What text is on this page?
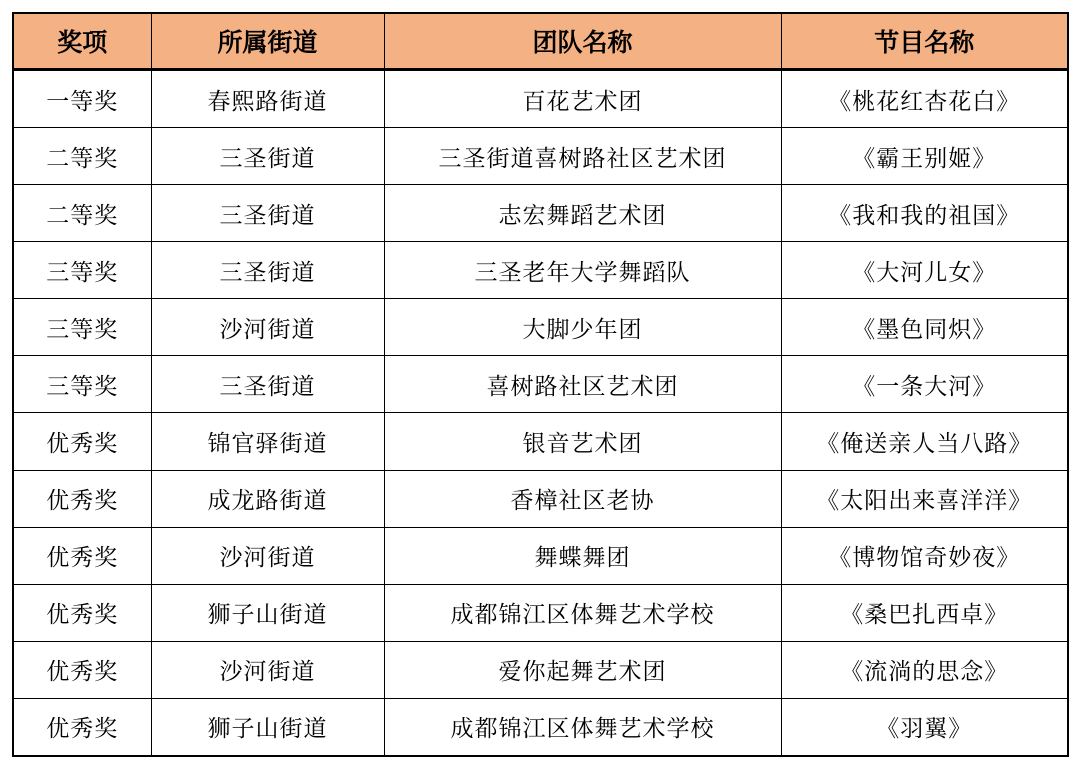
奖项	所属街道	团队名称	节目名称
一等奖	春熙路街道	百花艺术团	《桃花红杏花白》
二等奖	三圣街道	三圣街道喜树路社区艺术团	《霸王别姬》
二等奖	三圣街道	志宏舞蹈艺术团	《我和我的祖国》
三等奖	三圣街道	三圣老年大学舞蹈队	《大河儿女》
三等奖	沙河街道	大脚少年团	《墨色同炽》
三等奖	三圣街道	喜树路社区艺术团	《一条大河》
优秀奖	锦官驿街道	银音艺术团	《俺送亲人当八路》
优秀奖	成龙路街道	香樟社区老协	《太阳出来喜洋洋》
优秀奖	沙河街道	舞蝶舞团	《博物馆奇妙夜》
优秀奖	狮子山街道	成都锦江区体舞艺术学校	《桑巴扎西卓》
优秀奖	沙河街道	爱你起舞艺术团	《流淌的思念》
优秀奖	狮子山街道	成都锦江区体舞艺术学校	《羽翼》
